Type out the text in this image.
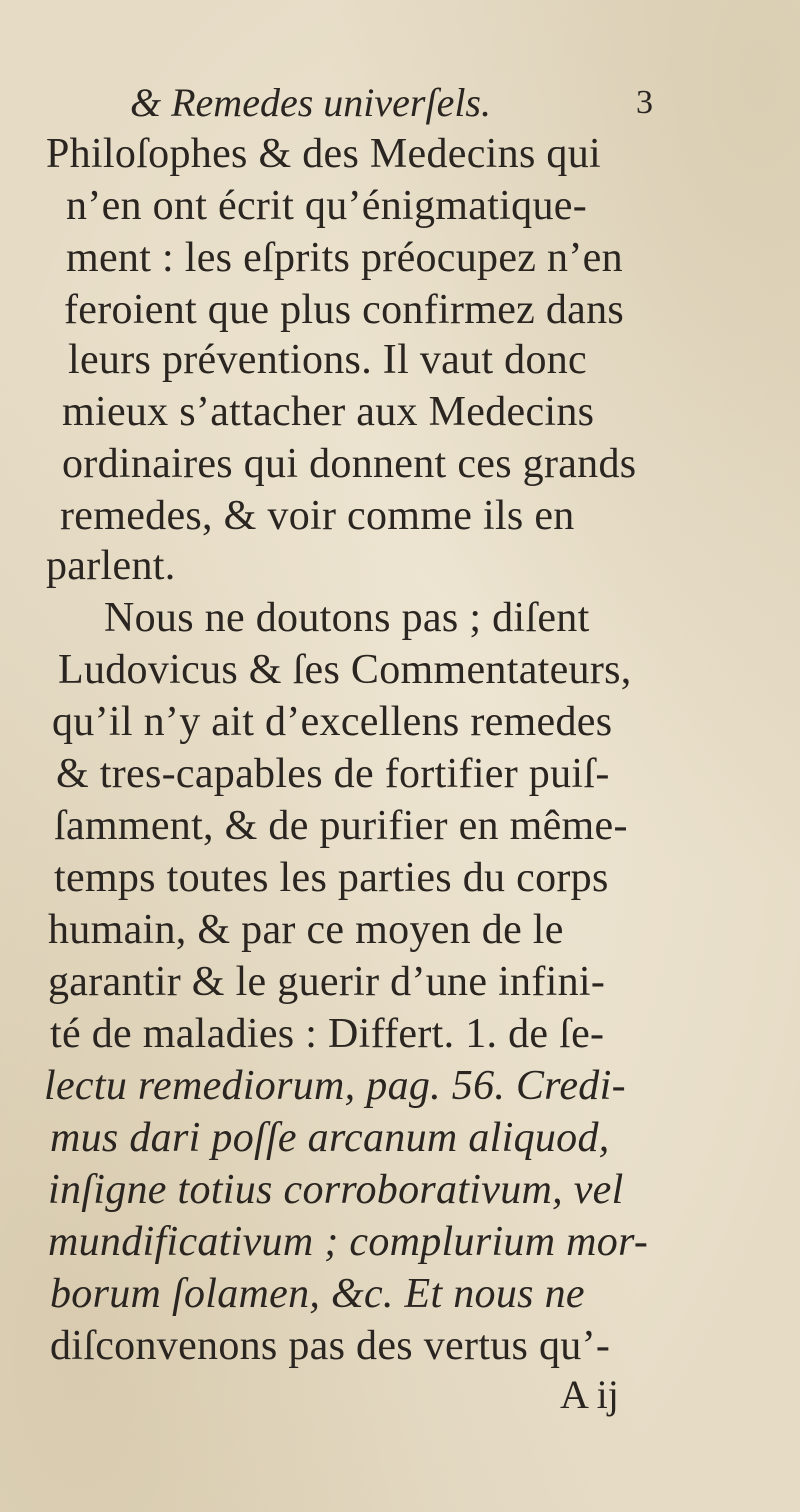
& Remedes univerſels.	3
Philoſophes & des Medecins qui
n’en ont écrit qu’énigmatique-
ment : les eſprits préocupez n’en
feroient que plus confirmez dans
leurs préventions. Il vaut donc
mieux s’attacher aux Medecins
ordinaires qui donnent ces grands
remedes, & voir comme ils en
parlent.
Nous ne doutons pas ; diſent
Ludovicus & ſes Commentateurs,
qu’il n’y ait d’excellens remedes
& tres-capables de fortifier puiſ-
ſamment, & de purifier en même-
temps toutes les parties du corps
humain, & par ce moyen de le
garantir & le guerir d’une infini-
té de maladies : Differt. 1. de ſe-
lectu remediorum, pag. 56. Credi-
mus dari poſſe arcanum aliquod,
inſigne totius corroborativum, vel
mundificativum ; complurium mor-
borum ſolamen, &c. Et nous ne
diſconvenons pas des vertus qu’-
A ij
